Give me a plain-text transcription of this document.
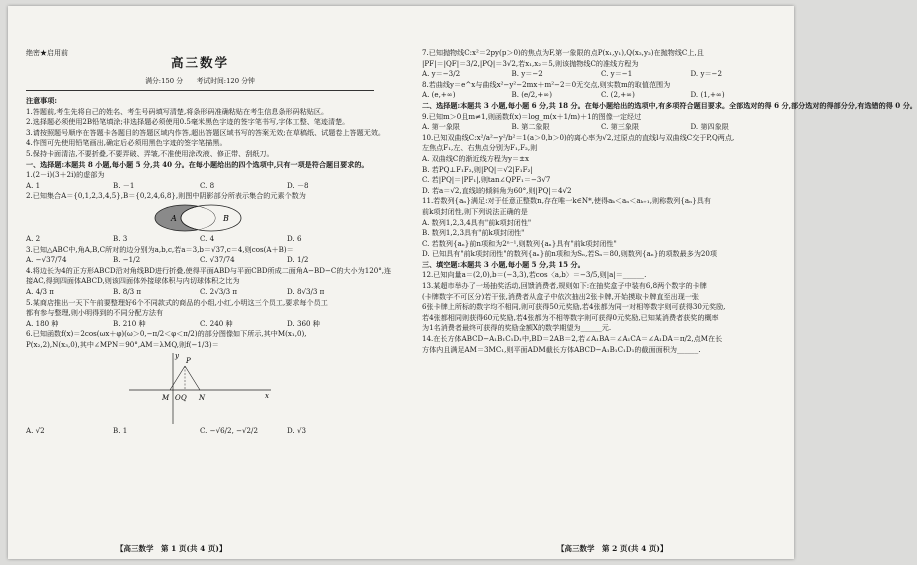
绝密★启用前
高三数学
满分:150 分　　考试时间:120 分钟
注意事项:
1.答题前,考生先将自己的姓名、考生号码填写清楚,将条形码准确粘贴在考生信息条形码粘贴区。
2.选择题必须使用2B铅笔填涂;非选择题必须使用0.5毫米黑色字迹的签字笔书写,字体工整、笔迹清楚。
3.请按照题号顺序在答题卡各题目的答题区域内作答,超出答题区域书写的答案无效;在草稿纸、试题卷上答题无效。
4.作图可先使用铅笔画出,确定后必须用黑色字迹的签字笔描黑。
5.保持卡面清洁,不要折叠,不要弄破、弄皱,不准使用涂改液、修正带、刮纸刀。
一、选择题:本题共 8 小题,每小题 5 分,共 40 分。在每小题给出的四个选项中,只有一项是符合题目要求的。
1.(2－i)(3＋2i)的虚部为
A. 1	B. －1	C. 8	D. －8
2.已知集合A＝{0,1,2,3,4,5},B＝{0,2,4,6,8},则图中阴影部分所表示集合的元素个数为
A	B
A. 2	B. 3	C. 4	D. 6
3.已知△ABC中,角A,B,C所对的边分别为a,b,c,若a＝3,b＝√37,c＝4,则cos(A＋B)＝
A. −√37/74	B. −1/2	C. √37/74	D. 1/2
4.将边长为4的正方形ABCD沿对角线BD进行折叠,使得平面ABD与平面CBD所成二面角A−BD−C的大小为120°,连
接AC,得到四面体ABCD,则该四面体外接球体积与内切球体积之比为
A. 4/3 π	B. 8/3 π	C. 2√3/3 π	D. 8√3/3 π
5.某商店推出一天下午前要整理好6个不同款式的商品的小组,小红,小明这三个员工,要求每个员工
都有参与整理,则小明得到的不同分配方法有
A. 180 种	B. 210 种	C. 240 种	D. 360 种
6.已知函数f(x)＝2cos(ωx＋φ)(ω＞0,−π/2＜φ＜π/2)的部分图像如下所示,其中M(x₁,0),
P(x₂,2),N(x₃,0),其中∠MPN＝90°,AM＝λMQ,则f(−1/3)＝
y
P
M O	N
Q	x
A. √2	B. 1	C. −√6/2, −√2/2	D. √3
【高三数学　第 1 页(共 4 页)】
7.已知抛物线C:x²＝2py(p＞0)的焦点为F,第一象限的点P(x₁,y₁),Q(x₂,y₂)在抛物线C上,且
|PF|＝|QF|＝3/2,|PQ|＝3√2,若x₁,x₂＝5,则该抛物线C的准线方程为
A. y＝−3/2	B. y＝−2	C. y＝−1	D. y＝−2
8.若曲线y＝e^x与曲线x²−y²−2mx＋m²−2＝0无交点,则实数m的取值范围为
A. (e,+∞)	B. (e/2,+∞)	C. (2,+∞)	D. (1,+∞)
二、选择题:本题共 3 小题,每小题 6 分,共 18 分。在每小题给出的选项中,有多项符合题目要求。全部选对的得 6 分,部分选对的得部分分,有选错的得 0 分。
9.已知m＞0且m≠1,则函数f(x)＝log_m(x＋1/m)＋1的图像一定经过
A. 第一象限	B. 第二象限	C. 第三象限	D. 第四象限
10.已知双曲线C:x²/a²−y²/b²＝1(a＞0,b＞0)的离心率为√2,过原点的直线l与双曲线C交于P,Q两点,
左焦点F₁,左、右焦点分别为F₁,F₂,则
A. 双曲线C的渐近线方程为y＝±x
B. 若PQ⊥F₁F₂,则|PQ|＝√2|F₁F₂|
C. 若|PQ|＝|PF₁|,则tan∠QPF₁＝−3√7
D. 若a＝√2,直线l的倾斜角为60°,则|PQ|＝4√2
11.若数列{aₙ}满足:对于任意正整数n,存在唯一k∈N*,使得aₖ＜aₙ＜aₖ₊₁,则称数列{aₙ}具有
前k项封闭性,则下列说法正确的是
A. 数列1,2,3,4具有"前k项封闭性"
B. 数列1,2,3具有"前k项封闭性"
C. 若数列{aₙ}前n项和为2ⁿ⁻¹,则数列{aₙ}具有"前k项封闭性"
D. 已知具有"前k项封闭性"的数列{aₙ}前n项和为Sₙ,若Sₙ＝80,则数列{aₙ}的项数最多为20项
三、填空题:本题共 3 小题,每小题 5 分,共 15 分。
12.已知向量a＝(2,0),b＝(−3,3),若cos〈a,b〉＝−3/5,则|a|＝______.
13.某超市举办了一场抽奖活动,回馈消费者,规则如下:在抽奖盒子中装有6,8两个数字的卡牌
(卡牌数字不可区分)若干张,消费者从盒子中依次抽出2张卡牌,开始摸取卡牌直至出现一张
6张卡牌上所标的数字均不相同,则可获得50元奖励,若4张都为同一对相等数字则可获得30元奖励,
若4张都相同则获得60元奖励,若4张都为不相等数字则可获得0元奖励,已知某消费者获奖的概率
为1名消费者最终可获得的奖励金额X的数学期望为______元.
14.在长方体ABCD−A₁B₁C₁D₁中,BD＝2AB＝2,若∠A₁BA＝∠A₁CA＝∠A₁DA＝π/2,点M在长
方体内且满足AM＝3MC₁,则平面ADM截长方体ABCD−A₁B₁C₁D₁的截面面积为______.
【高三数学　第 2 页(共 4 页)】
